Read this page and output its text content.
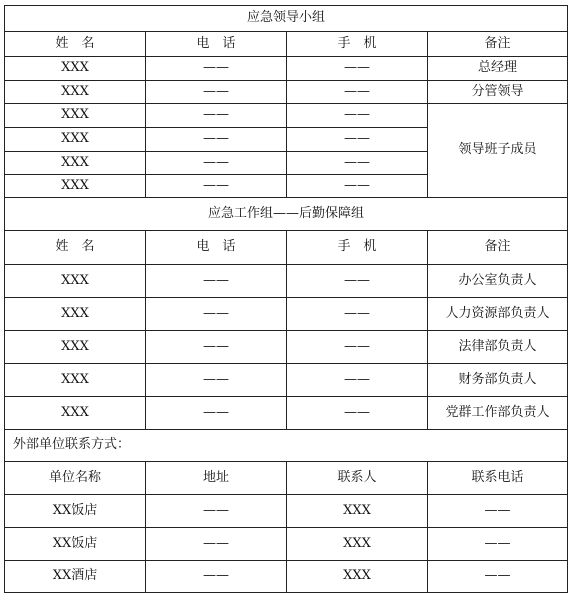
应急领导小组			
姓　名	电　话	手　机	备注
XXX	——	——	总经理
XXX	——	——	分管领导
XXX	——	——	领导班子成员
XXX	——	——	
XXX	——	——	
XXX	——	——	
应急工作组——后勤保障组			
姓　名	电　话	手　机	备注
XXX	——	——	办公室负责人
XXX	——	——	人力资源部负责人
XXX	——	——	法律部负责人
XXX	——	——	财务部负责人
XXX	——	——	党群工作部负责人
外部单位联系方式：			
单位名称	地址	联系人	联系电话
XX饭店	——	XXX	——
XX饭店	——	XXX	——
XX酒店	——	XXX	——
